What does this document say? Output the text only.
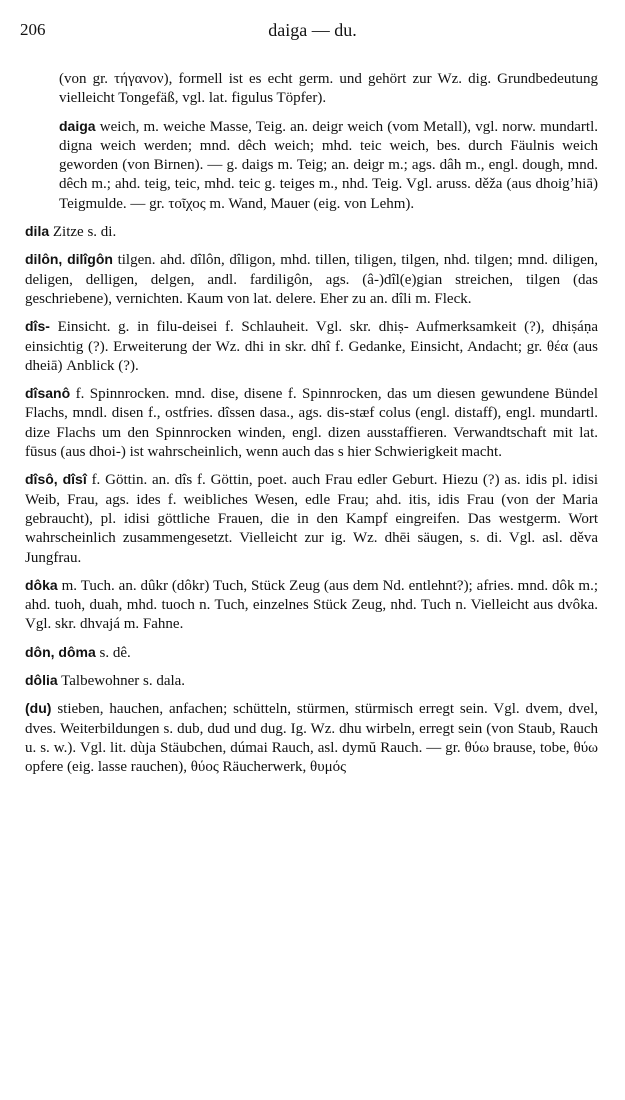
206	daiga — du.

(von gr. τήγανον), formell ist es echt germ. und gehört zur Wz. dig. Grundbedeutung vielleicht Tongefäß, vgl. lat. figulus Töpfer).

daiga weich, m. weiche Masse, Teig. an. deigr weich (vom Metall), vgl. norw. mundartl. digna weich werden; mnd. dêch weich; mhd. teic weich, bes. durch Fäulnis weich geworden (von Birnen). — g. daigs m. Teig; an. deigr m.; ags. dâh m., engl. dough, mnd. dêch m.; ahd. teig, teic, mhd. teic g. teiges m., nhd. Teig. Vgl. aruss. děža (aus dhoigʼhiā) Teigmulde. — gr. τοῖχος m. Wand, Mauer (eig. von Lehm).

dila Zitze s. di.

dilôn, dilîgôn tilgen. ahd. dîlôn, dîligon, mhd. tillen, tiligen, tilgen, nhd. tilgen; mnd. diligen, deligen, delligen, delgen, andl. fardiligôn, ags. (â-)dîl(e)gian streichen, tilgen (das geschriebene), vernichten. Kaum von lat. delere. Eher zu an. dîli m. Fleck.

dîs- Einsicht. g. in filu-deisei f. Schlauheit. Vgl. skr. dhiṣ- Aufmerksamkeit (?), dhiṣáṇa einsichtig (?). Erweiterung der Wz. dhi in skr. dhî f. Gedanke, Einsicht, Andacht; gr. θέα (aus dheiā) Anblick (?).

dîsanô f. Spinnrocken. mnd. dise, disene f. Spinnrocken, das um diesen gewundene Bündel Flachs, mndl. disen f., ostfries. dîssen dasa., ags. dis-stæf colus (engl. distaff), engl. mundartl. dize Flachs um den Spinnrocken winden, engl. dizen ausstaffieren. Verwandtschaft mit lat. fūsus (aus dhoi-) ist wahrscheinlich, wenn auch das s hier Schwierigkeit macht.

dîsô, dîsî f. Göttin. an. dîs f. Göttin, poet. auch Frau edler Geburt. Hiezu (?) as. idis pl. idisi Weib, Frau, ags. ides f. weibliches Wesen, edle Frau; ahd. itis, idis Frau (von der Maria gebraucht), pl. idisi göttliche Frauen, die in den Kampf eingreifen. Das westgerm. Wort wahrscheinlich zusammengesetzt. Vielleicht zur ig. Wz. dhēi säugen, s. di. Vgl. asl. děva Jungfrau.

dôka m. Tuch. an. dûkr (dôkr) Tuch, Stück Zeug (aus dem Nd. entlehnt?); afries. mnd. dôk m.; ahd. tuoh, duah, mhd. tuoch n. Tuch, einzelnes Stück Zeug, nhd. Tuch n. Vielleicht aus dvôka. Vgl. skr. dhvajá m. Fahne.

dôn, dôma s. dê.

dôlia Talbewohner s. dala.

(du) stieben, hauchen, anfachen; schütteln, stürmen, stürmisch erregt sein. Vgl. dvem, dvel, dves. Weiterbildungen s. dub, dud und dug. Ig. Wz. dhu wirbeln, erregt sein (von Staub, Rauch u. s. w.). Vgl. lit. dùja Stäubchen, dúmai Rauch, asl. dymŭ Rauch. — gr. θύω brause, tobe, θύω opfere (eig. lasse rauchen), θύος Räucherwerk, θυμός
